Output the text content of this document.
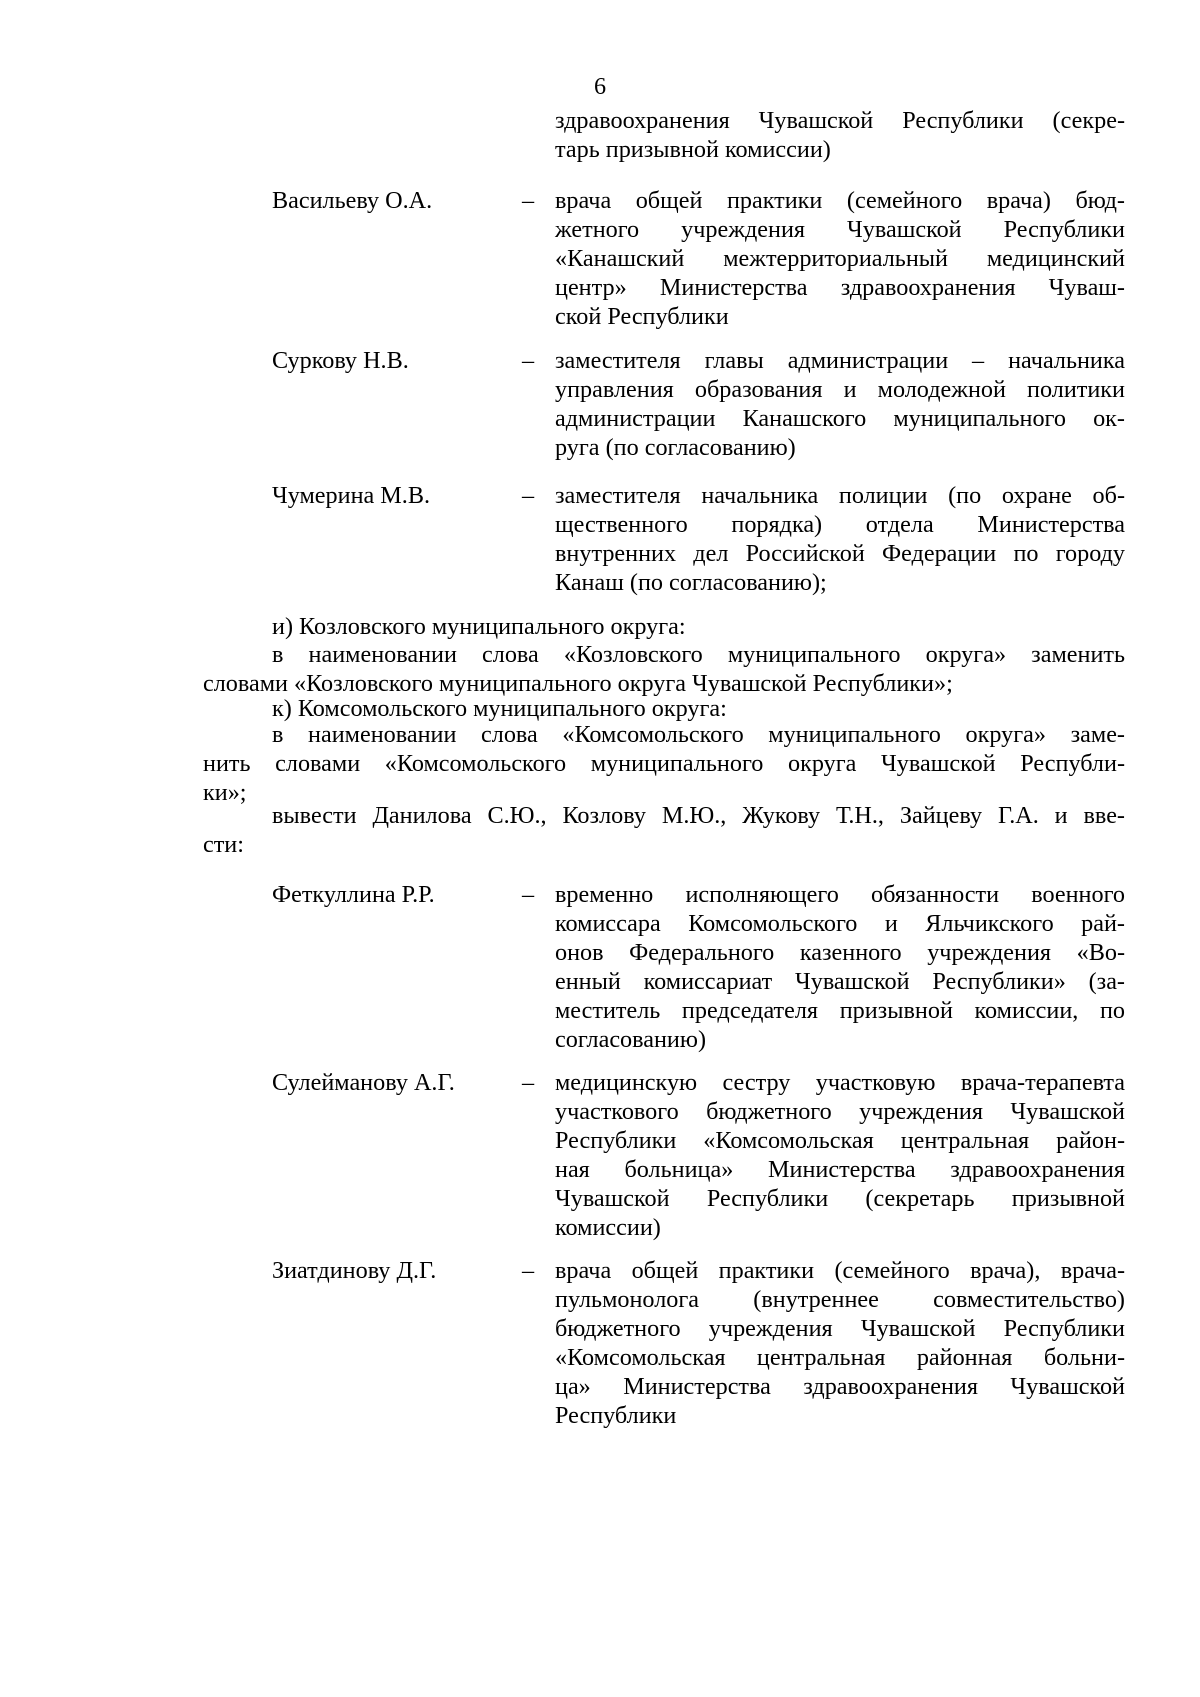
6
здравоохранения Чувашской Республики (секре-
тарь призывной комиссии)
Васильеву О.А.	– врача общей практики (семейного врача) бюд-
жетного учреждения Чувашской Республики
«Канашский межтерриториальный медицинский
центр» Министерства здравоохранения Чуваш-
ской Республики
Суркову Н.В.	– заместителя главы администрации – начальника
управления образования и молодежной политики
администрации Канашского муниципального ок-
руга (по согласованию)
Чумерина М.В.	– заместителя начальника полиции (по охране об-
щественного порядка) отдела Министерства
внутренних дел Российской Федерации по городу
Канаш (по согласованию);
и) Козловского муниципального округа:
в наименовании слова «Козловского муниципального округа» заменить
словами «Козловского муниципального округа Чувашской Республики»;
к) Комсомольского муниципального округа:
в наименовании слова «Комсомольского муниципального округа» заме-
нить словами «Комсомольского муниципального округа Чувашской Республи-
ки»;
вывести Данилова С.Ю., Козлову М.Ю., Жукову Т.Н., Зайцеву Г.А. и вве-
сти:
Феткуллина Р.Р.	– временно исполняющего обязанности военного
комиссара Комсомольского и Яльчикского рай-
онов Федерального казенного учреждения «Во-
енный комиссариат Чувашской Республики» (за-
меститель председателя призывной комиссии, по
согласованию)
Сулейманову А.Г.	– медицинскую сестру участковую врача-терапевта
участкового бюджетного учреждения Чувашской
Республики «Комсомольская центральная район-
ная больница» Министерства здравоохранения
Чувашской Республики (секретарь призывной
комиссии)
Зиатдинову Д.Г.	– врача общей практики (семейного врача), врача-
пульмонолога (внутреннее совместительство)
бюджетного учреждения Чувашской Республики
«Комсомольская центральная районная больни-
ца» Министерства здравоохранения Чувашской
Республики
